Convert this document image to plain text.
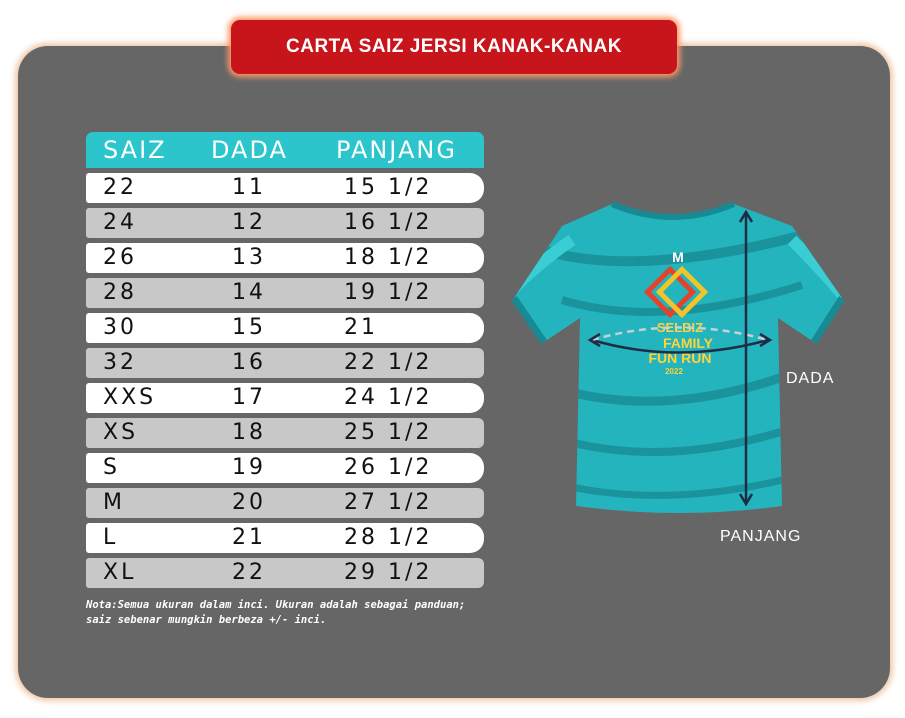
CARTA SAIZ JERSI KANAK-KANAK
SAIZ DADA PANJANG
22	11	15 1/2
24	12	16 1/2
26	13	18 1/2
28	14	19 1/2
30	15	21
32	16	22 1/2
XXS	17	24 1/2
XS	18	25 1/2
S	19	26 1/2
M	20	27 1/2
L	21	28 1/2
XL	22	29 1/2
Nota:Semua ukuran dalam inci. Ukuran adalah sebagai panduan; saiz sebenar mungkin berbeza +/- inci.
M
SELBIZ
FAMILY
FUN RUN
2022	DADA
PANJANG
